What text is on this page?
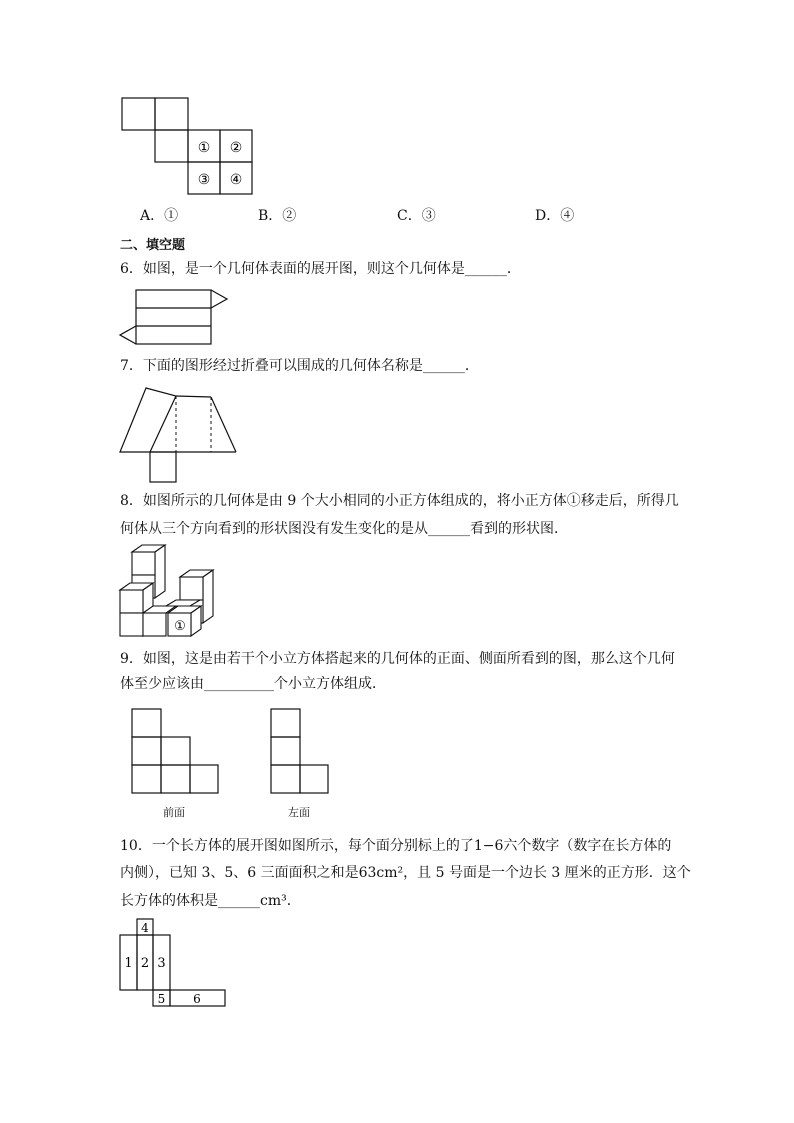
① ②
③ ④
A．①	B．②	C．③	D．④
二、填空题
6．如图，是一个几何体表面的展开图，则这个几何体是______．
7．下面的图形经过折叠可以围成的几何体名称是______．
8．如图所示的几何体是由 9 个大小相同的小正方体组成的，将小正方体①移走后，所得几
何体从三个方向看到的形状图没有发生变化的是从______看到的形状图．
①
9．如图，这是由若干个小立方体搭起来的几何体的正面、侧面所看到的图，那么这个几何
体至少应该由__________个小立方体组成．
前面	左面
10．一个长方体的展开图如图所示，每个面分别标上的了1−6六个数字（数字在长方体的
内侧），已知 3、5、6 三面面积之和是63cm²，且 5 号面是一个边长 3 厘米的正方形．这个
长方体的体积是______cm³．
1 2 3
4
5 6
